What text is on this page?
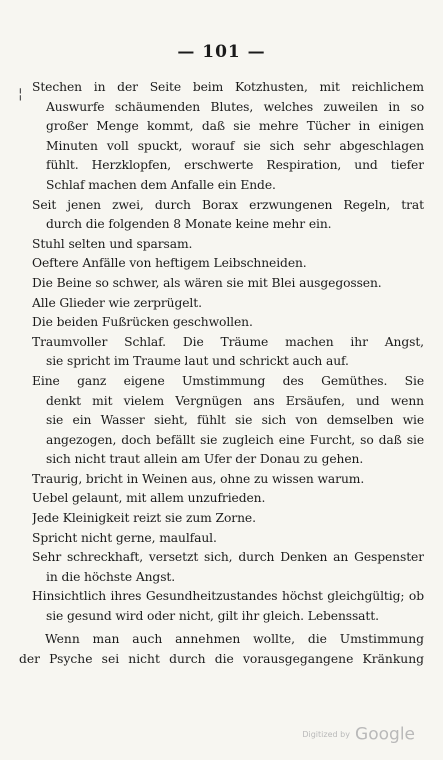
— 101 —
¦ Stechen in der Seite beim Kotzhusten, mit reichlichem
Auswurfe schäumenden Blutes, welches zuweilen in so
großer Menge kommt, daß sie mehre Tücher in einigen
Minuten voll spuckt, worauf sie sich sehr abgeschlagen
fühlt. Herzklopfen, erschwerte Respiration, und tiefer
Schlaf machen dem Anfalle ein Ende.
Seit jenen zwei, durch Borax erzwungenen Regeln, trat
durch die folgenden 8 Monate keine mehr ein.
Stuhl selten und sparsam.
Oeftere Anfälle von heftigem Leibschneiden.
Die Beine so schwer, als wären sie mit Blei ausgegossen.
Alle Glieder wie zerprügelt.
Die beiden Fußrücken geschwollen.
Traumvoller Schlaf. Die Träume machen ihr Angst,
sie spricht im Traume laut und schrickt auch auf.
Eine ganz eigene Umstimmung des Gemüthes. Sie
denkt mit vielem Vergnügen ans Ersäufen, und wenn
sie ein Wasser sieht, fühlt sie sich von demselben wie
angezogen, doch befällt sie zugleich eine Furcht, so daß sie
sich nicht traut allein am Ufer der Donau zu gehen.
Traurig, bricht in Weinen aus, ohne zu wissen warum.
Uebel gelaunt, mit allem unzufrieden.
Jede Kleinigkeit reizt sie zum Zorne.
Spricht nicht gerne, maulfaul.
Sehr schreckhaft, versetzt sich, durch Denken an Gespenster
in die höchste Angst.
Hinsichtlich ihres Gesundheitzustandes höchst gleichgültig; ob
sie gesund wird oder nicht, gilt ihr gleich. Lebenssatt.
Wenn man auch annehmen wollte, die Umstimmung
der Psyche sei nicht durch die vorausgegangene Kränkung
Digitized by Google
